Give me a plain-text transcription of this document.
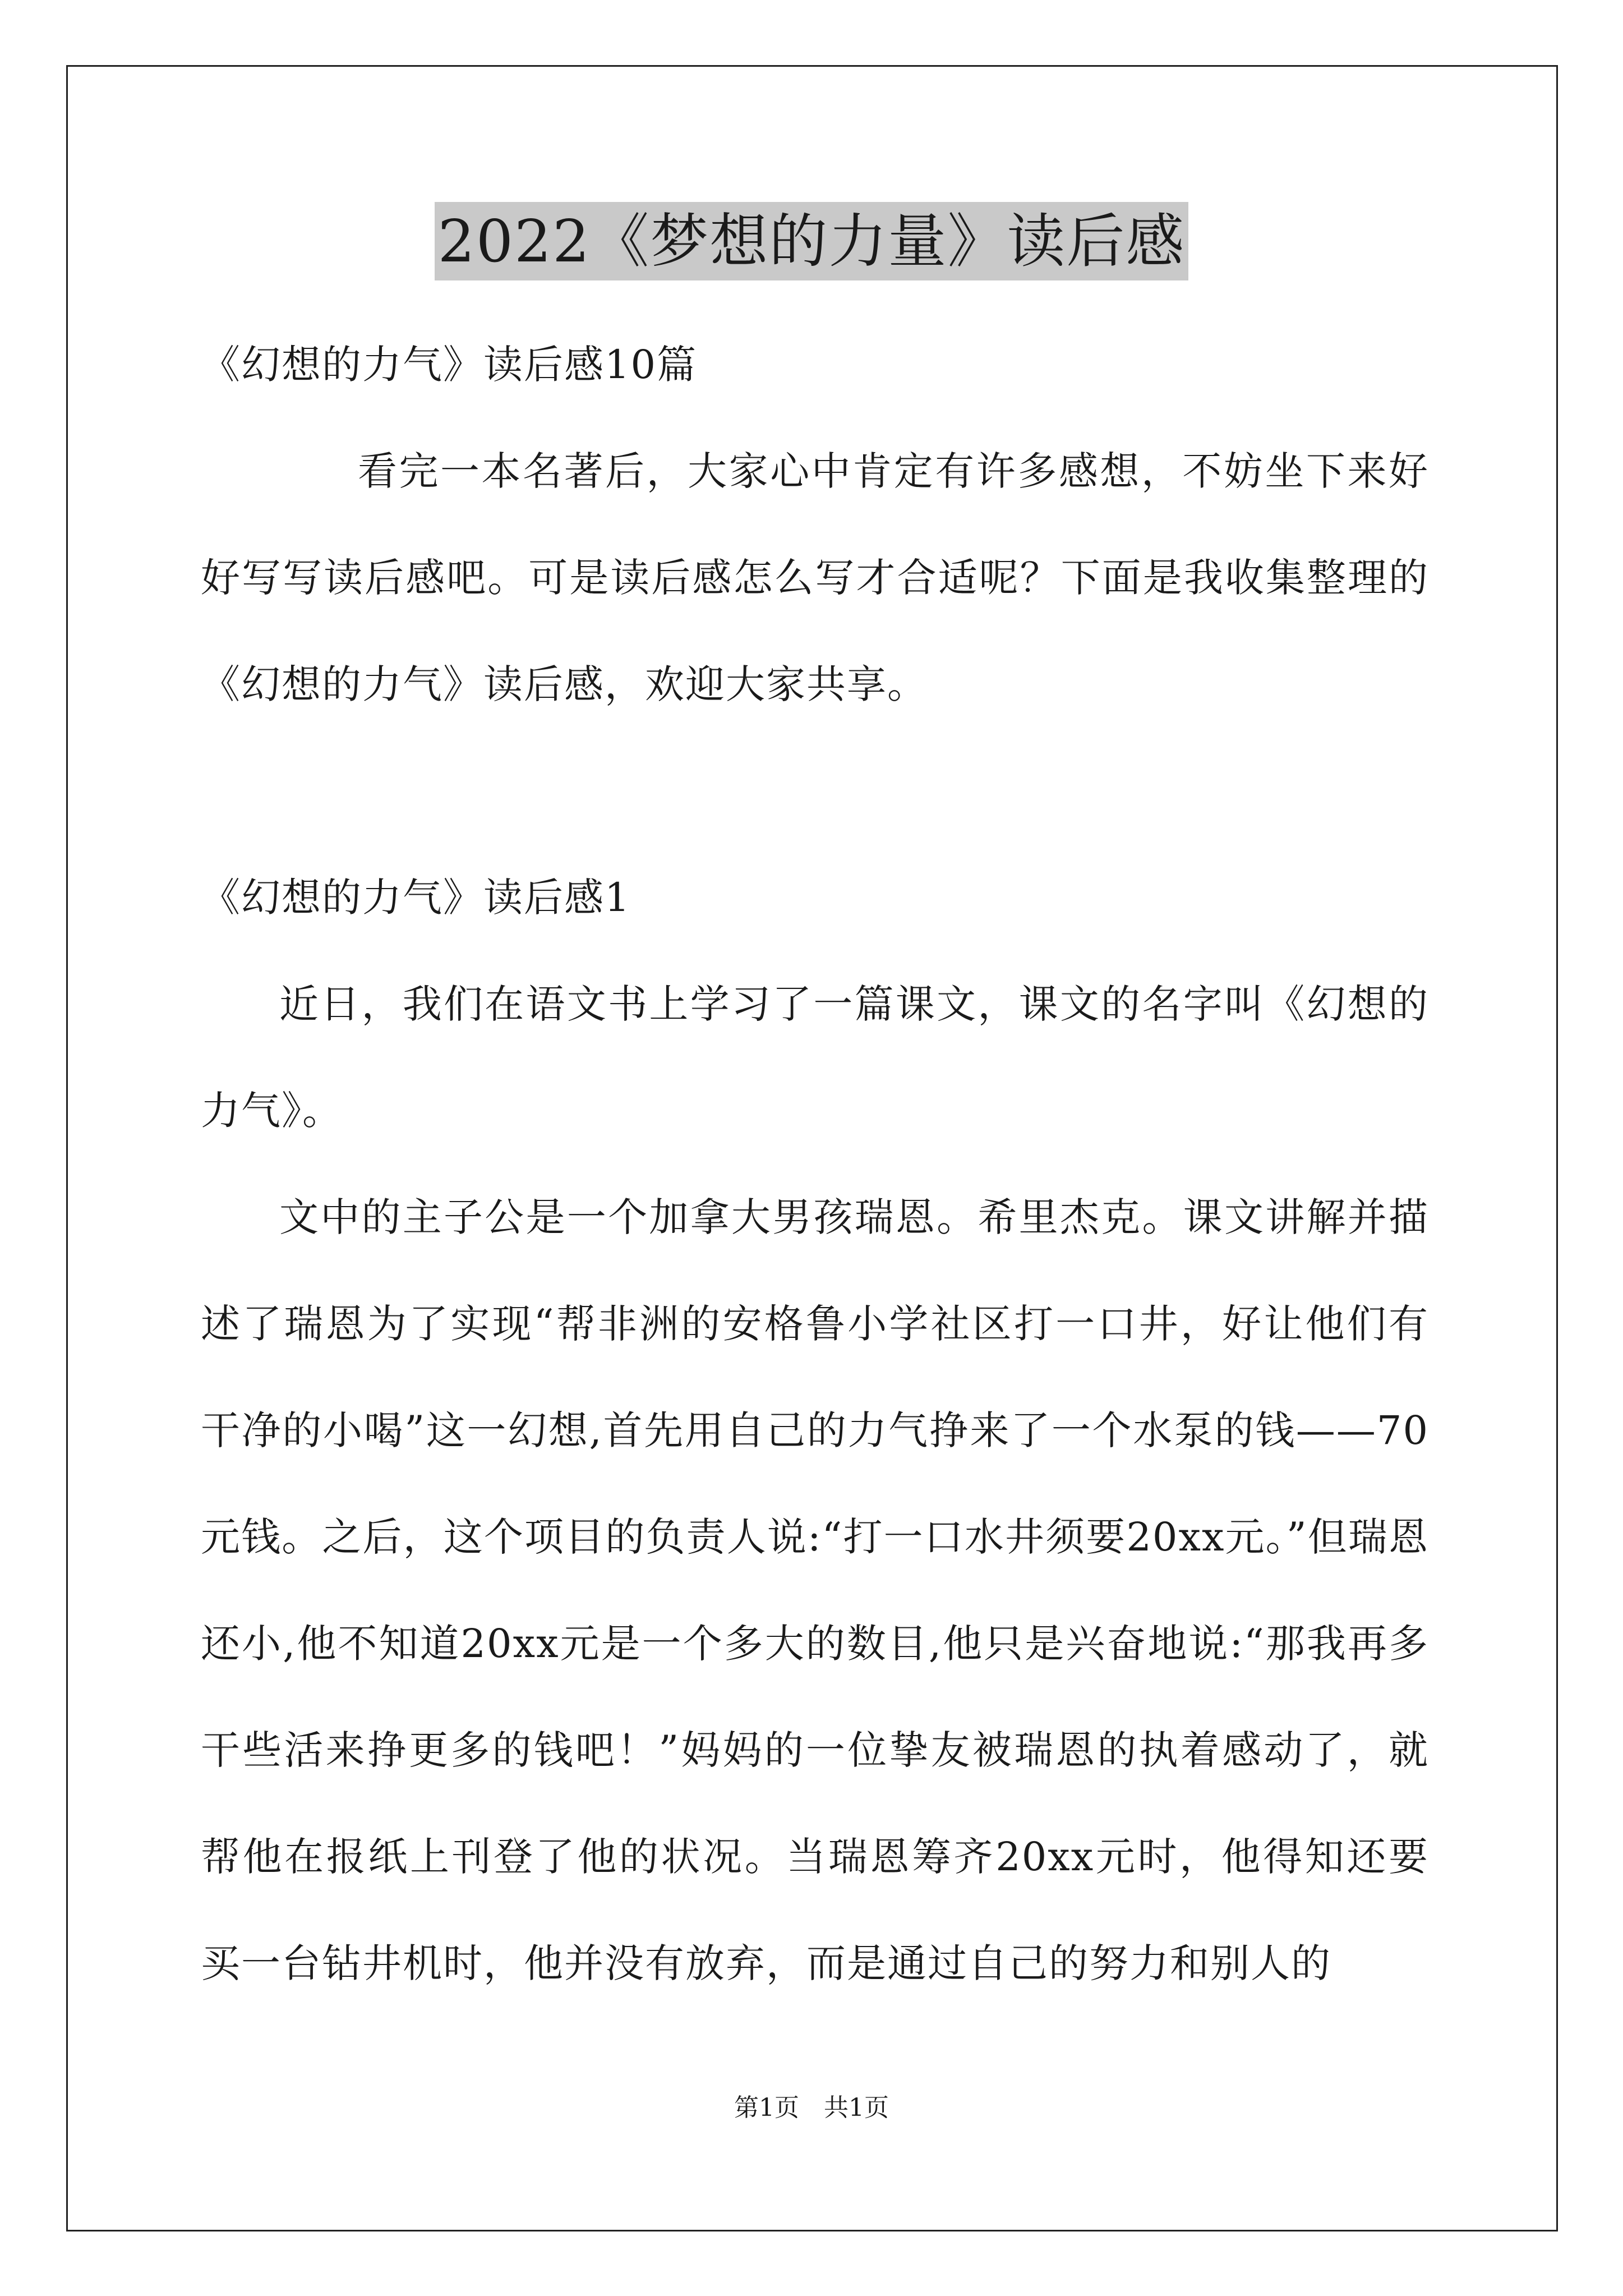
2022《梦想的力量》读后感

《幻想的力气》读后感10篇

看完一本名著后，大家心中肯定有许多感想，不妨坐下来好好写写读后感吧。可是读后感怎么写才合适呢？下面是我收集整理的《幻想的力气》读后感，欢迎大家共享。

《幻想的力气》读后感1

近日，我们在语文书上学习了一篇课文，课文的名字叫《幻想的力气》。

文中的主子公是一个加拿大男孩瑞恩。希里杰克。课文讲解并描述了瑞恩为了实现“帮非洲的安格鲁小学社区打一口井，好让他们有干净的小喝”这一幻想,首先用自己的力气挣来了一个水泵的钱——70元钱。之后，这个项目的负责人说:“打一口水井须要20xx元。”但瑞恩还小,他不知道20xx元是一个多大的数目,他只是兴奋地说:“那我再多干些活来挣更多的钱吧！”妈妈的一位挚友被瑞恩的执着感动了，就帮他在报纸上刊登了他的状况。当瑞恩筹齐20xx元时，他得知还要买一台钻井机时，他并没有放弃，而是通过自己的努力和别人的

第1页 共1页
